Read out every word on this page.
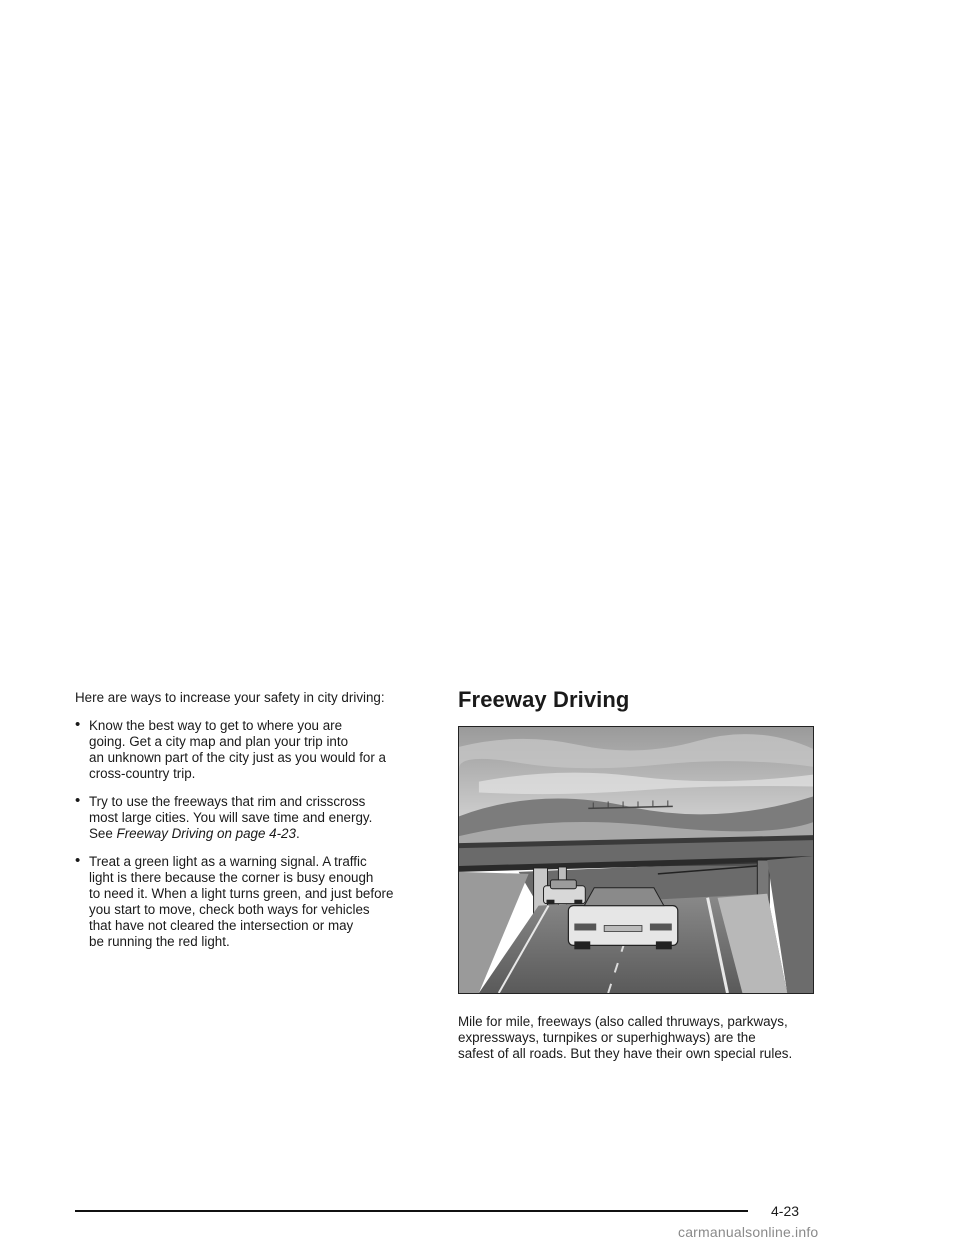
Here are ways to increase your safety in city driving:

• Know the best way to get to where you are
going. Get a city map and plan your trip into
an unknown part of the city just as you would for a
cross-country trip.
• Try to use the freeways that rim and crisscross
most large cities. You will save time and energy.
See Freeway Driving on page 4-23.
• Treat a green light as a warning signal. A traffic
light is there because the corner is busy enough
to need it. When a light turns green, and just before
you start to move, check both ways for vehicles
that have not cleared the intersection or may
be running the red light.
Freeway Driving

Mile for mile, freeways (also called thruways, parkways,
expressways, turnpikes or superhighways) are the
safest of all roads. But they have their own special rules.

4-23
carmanualsonline.info
